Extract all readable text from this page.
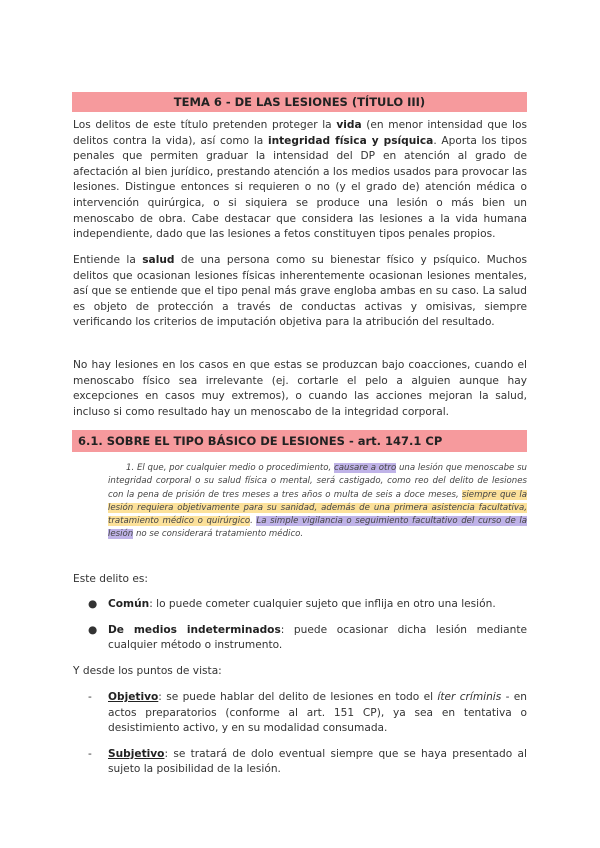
TEMA 6 - DE LAS LESIONES (TÍTULO III)

Los delitos de este título pretenden proteger la vida (en menor intensidad que los delitos contra la vida), así como la integridad física y psíquica. Aporta los tipos penales que permiten graduar la intensidad del DP en atención al grado de afectación al bien jurídico, prestando atención a los medios usados para provocar las lesiones. Distingue entonces si requieren o no (y el grado de) atención médica o intervención quirúrgica, o si siquiera se produce una lesión o más bien un menoscabo de obra. Cabe destacar que considera las lesiones a la vida humana independiente, dado que las lesiones a fetos constituyen tipos penales propios.

Entiende la salud de una persona como su bienestar físico y psíquico. Muchos delitos que ocasionan lesiones físicas inherentemente ocasionan lesiones mentales, así que se entiende que el tipo penal más grave engloba ambas en su caso. La salud es objeto de protección a través de conductas activas y omisivas, siempre verificando los criterios de imputación objetiva para la atribución del resultado.

No hay lesiones en los casos en que estas se produzcan bajo coacciones, cuando el menoscabo físico sea irrelevante (ej. cortarle el pelo a alguien aunque hay excepciones en casos muy extremos), o cuando las acciones mejoran la salud, incluso si como resultado hay un menoscabo de la integridad corporal.

6.1. SOBRE EL TIPO BÁSICO DE LESIONES - art. 147.1 CP

1. El que, por cualquier medio o procedimiento, causare a otro una lesión que menoscabe su integridad corporal o su salud física o mental, será castigado, como reo del delito de lesiones con la pena de prisión de tres meses a tres años o multa de seis a doce meses, siempre que la lesión requiera objetivamente para su sanidad, además de una primera asistencia facultativa, tratamiento médico o quirúrgico. La simple vigilancia o seguimiento facultativo del curso de la lesión no se considerará tratamiento médico.

Este delito es:

● Común: lo puede cometer cualquier sujeto que inflija en otro una lesión.
● De medios indeterminados: puede ocasionar dicha lesión mediante cualquier método o instrumento.

Y desde los puntos de vista:

- Objetivo: se puede hablar del delito de lesiones en todo el íter críminis - en actos preparatorios (conforme al art. 151 CP), ya sea en tentativa o desistimiento activo, y en su modalidad consumada.
- Subjetivo: se tratará de dolo eventual siempre que se haya presentado al sujeto la posibilidad de la lesión.
